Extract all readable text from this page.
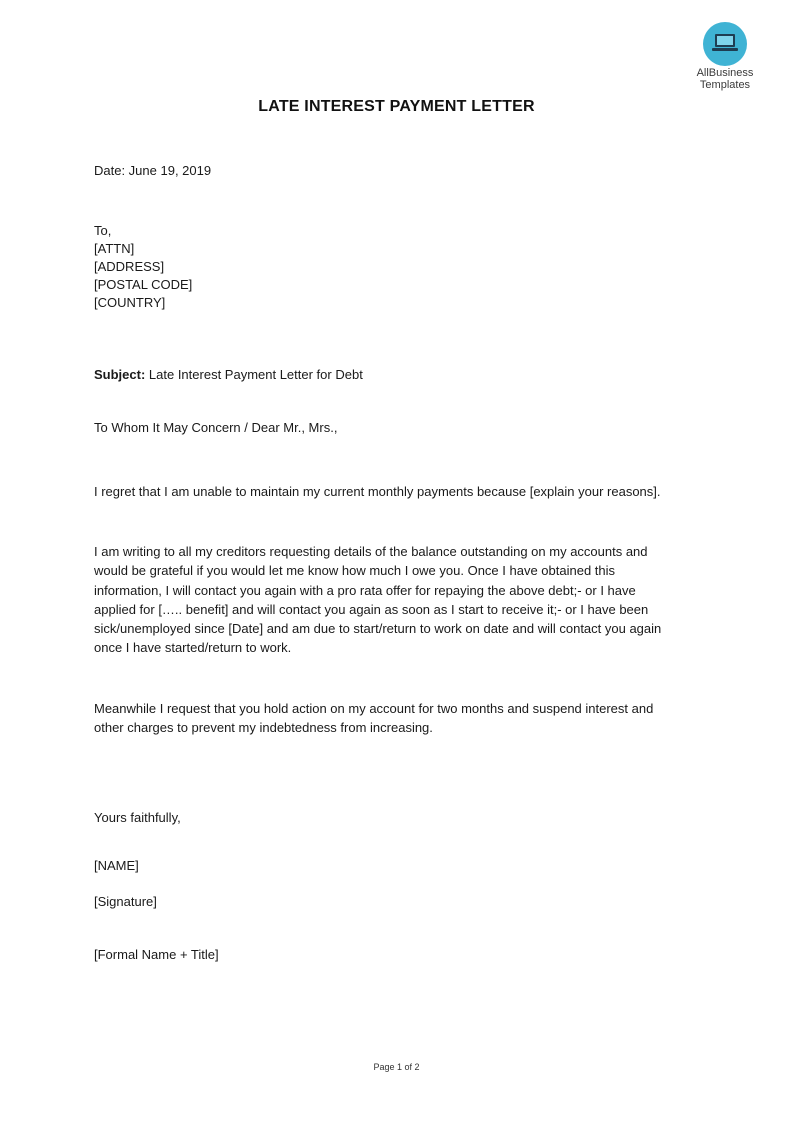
AllBusiness
Templates
LATE INTEREST PAYMENT LETTER
Date: June 19, 2019
To,
[ATTN]
[ADDRESS]
[POSTAL CODE]
[COUNTRY]
Subject: Late Interest Payment Letter for Debt
To Whom It May Concern / Dear Mr., Mrs.,
I regret that I am unable to maintain my current monthly payments because [explain your reasons].
I am writing to all my creditors requesting details of the balance outstanding on my accounts and
would be grateful if you would let me know how much I owe you. Once I have obtained this
information, I will contact you again with a pro rata offer for repaying the above debt;- or I have
applied for [….. benefit] and will contact you again as soon as I start to receive it;- or I have been
sick/unemployed since [Date] and am due to start/return to work on date and will contact you again
once I have started/return to work.
Meanwhile I request that you hold action on my account for two months and suspend interest and
other charges to prevent my indebtedness from increasing.
Yours faithfully,
[NAME]
[Signature]
[Formal Name + Title]
Page 1 of 2
